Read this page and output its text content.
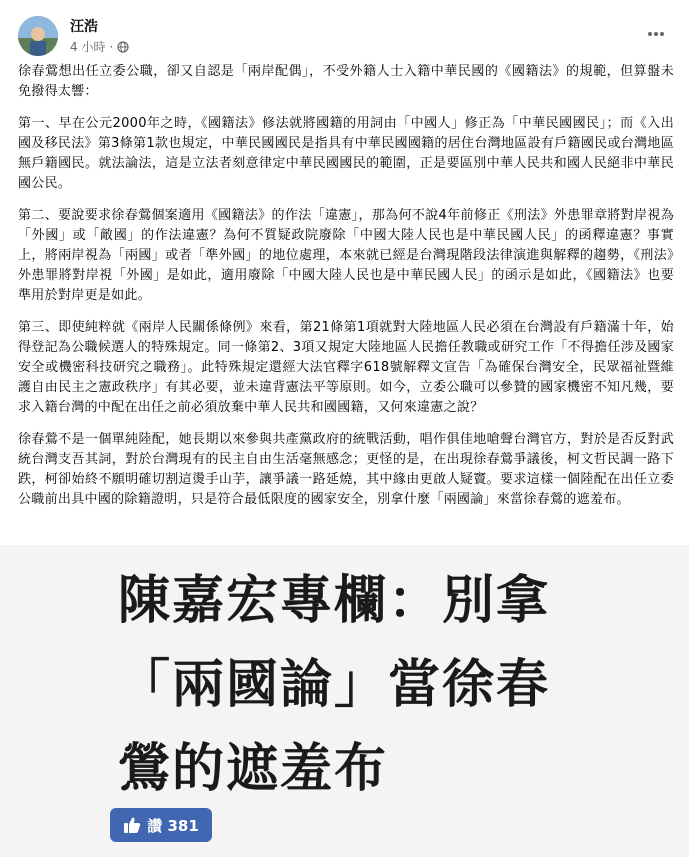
汪浩
4 小時 ·

徐春鶯想出任立委公職，卻又自認是「兩岸配偶」，不受外籍人士入籍中華民國的《國籍法》的規範，但算盤未免撥得太響：

第一、早在公元2000年之時，《國籍法》修法就將國籍的用詞由「中國人」修正為「中華民國國民」；而《入出國及移民法》第3條第1款也規定，中華民國國民是指具有中華民國國籍的居住台灣地區設有戶籍國民或台灣地區無戶籍國民。就法論法，這是立法者刻意律定中華民國國民的範圍，正是要區別中華人民共和國人民絕非中華民國公民。

第二、要說要求徐春鶯個案適用《國籍法》的作法「違憲」，那為何不說4年前修正《刑法》外患罪章將對岸視為「外國」或「敵國」的作法違憲？為何不質疑政院廢除「中國大陸人民也是中華民國人民」的函釋違憲？事實上，將兩岸視為「兩國」或者「準外國」的地位處理，本來就已經是台灣現階段法律演進與解釋的趨勢，《刑法》外患罪將對岸視「外國」是如此，適用廢除「中國大陸人民也是中華民國人民」的函示是如此，《國籍法》也要準用於對岸更是如此。

第三、即使純粹就《兩岸人民關係條例》來看，第21條第1項就對大陸地區人民必須在台灣設有戶籍滿十年，始得登記為公職候選人的特殊規定。同一條第2、3項又規定大陸地區人民擔任教職或研究工作「不得擔任涉及國家安全或機密科技研究之職務」。此特殊規定還經大法官釋字618號解釋文宣告「為確保台灣安全，民眾福祉暨維護自由民主之憲政秩序」有其必要，並未違背憲法平等原則。如今，立委公職可以參贊的國家機密不知凡幾，要求入籍台灣的中配在出任之前必須放棄中華人民共和國國籍，又何來違憲之說？

徐春鶯不是一個單純陸配，她長期以來參與共產黨政府的統戰活動，唱作俱佳地嗆聲台灣官方，對於是否反對武統台灣支吾其詞，對於台灣現有的民主自由生活毫無感念；更怪的是，在出現徐春鶯爭議後，柯文哲民調一路下跌，柯卻始終不願明確切割這燙手山芋，讓爭議一路延燒，其中緣由更啟人疑竇。要求這樣一個陸配在出任立委公職前出具中國的除籍證明，只是符合最低限度的國家安全，別拿什麼「兩國論」來當徐春鶯的遮羞布。

陳嘉宏專欄：別拿
「兩國論」當徐春
鶯的遮羞布
讚 381
